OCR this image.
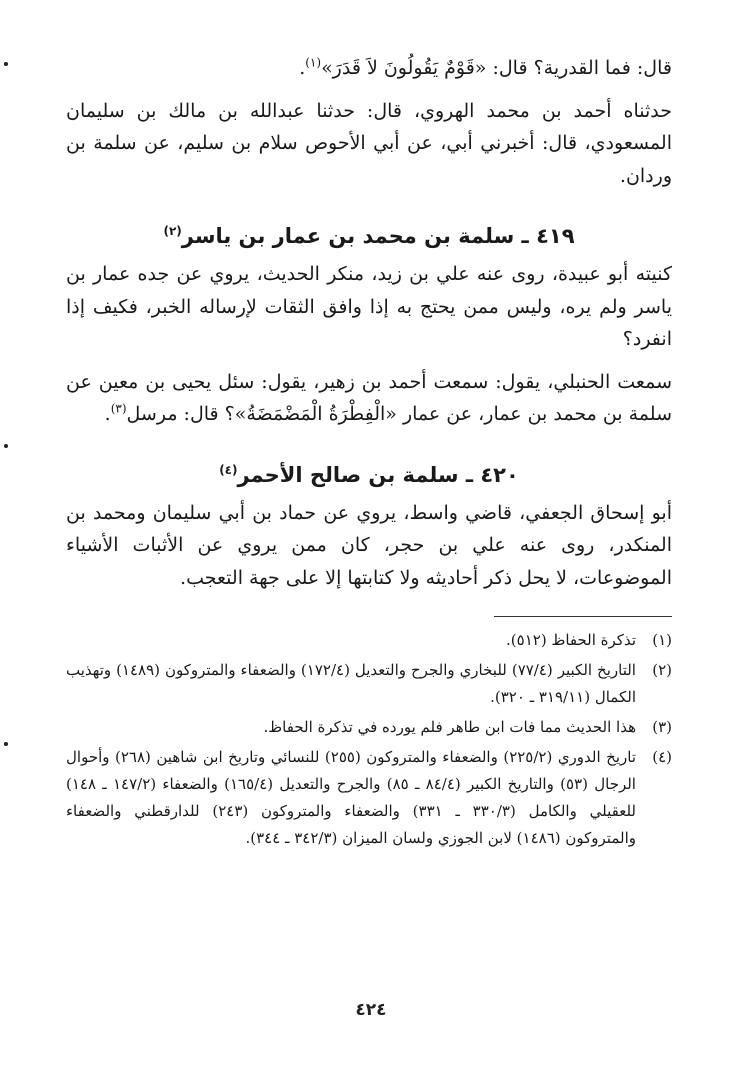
قال: فما القدرية؟ قال: «قَوْمٌ يَقُولُونَ لاَ قَدَرَ»$^{(١)}$.

حدثناه أحمد بن محمد الهروي، قال: حدثنا عبدالله بن مالك بن سليمان المسعودي، قال: أخبرني أبي، عن أبي الأحوص سلام بن سليم، عن سلمة بن وردان.

٤١٩ ـ سلمة بن محمد بن عمار بن ياسر$^{(٢)}$

كنيته أبو عبيدة، روى عنه علي بن زيد، منكر الحديث، يروي عن جده عمار بن ياسر ولم يره، وليس ممن يحتج به إذا وافق الثقات لإرساله الخبر، فكيف إذا انفرد؟

سمعت الحنبلي، يقول: سمعت أحمد بن زهير، يقول: سئل يحيى بن معين عن سلمة بن محمد بن عمار، عن عمار «الْفِطْرَةُ الْمَضْمَضَةُ»؟ قال: مرسل$^{(٣)}$.

٤٢٠ ـ سلمة بن صالح الأحمر$^{(٤)}$

أبو إسحاق الجعفي، قاضي واسط، يروي عن حماد بن أبي سليمان ومحمد بن المنكدر، روى عنه علي بن حجر، كان ممن يروي عن الأثبات الأشياء الموضوعات، لا يحل ذكر أحاديثه ولا كتابتها إلا على جهة التعجب.

(١)
تذكرة الحفاظ (٥١٢).
(٢)
التاريخ الكبير (٧٧/٤) للبخاري والجرح والتعديل (١٧٢/٤) والضعفاء والمتروكون (١٤٨٩) وتهذيب الكمال (٣١٩/١١ ـ ٣٢٠).
(٣)
هذا الحديث مما فات ابن طاهر فلم يورده في تذكرة الحفاظ.
(٤)
تاريخ الدوري (٢٢٥/٢) والضعفاء والمتروكون (٢٥٥) للنسائي وتاريخ ابن شاهين (٢٦٨) وأحوال الرجال (٥٣) والتاريخ الكبير (٨٤/٤ ـ ٨٥) والجرح والتعديل (١٦٥/٤) والضعفاء (١٤٧/٢ ـ ١٤٨) للعقيلي والكامل (٣٣٠/٣ ـ ٣٣١) والضعفاء والمتروكون (٢٤٣) للدارقطني والضعفاء والمتروكون (١٤٨٦) لابن الجوزي ولسان الميزان (٣٤٢/٣ ـ ٣٤٤).
٤٢٤
